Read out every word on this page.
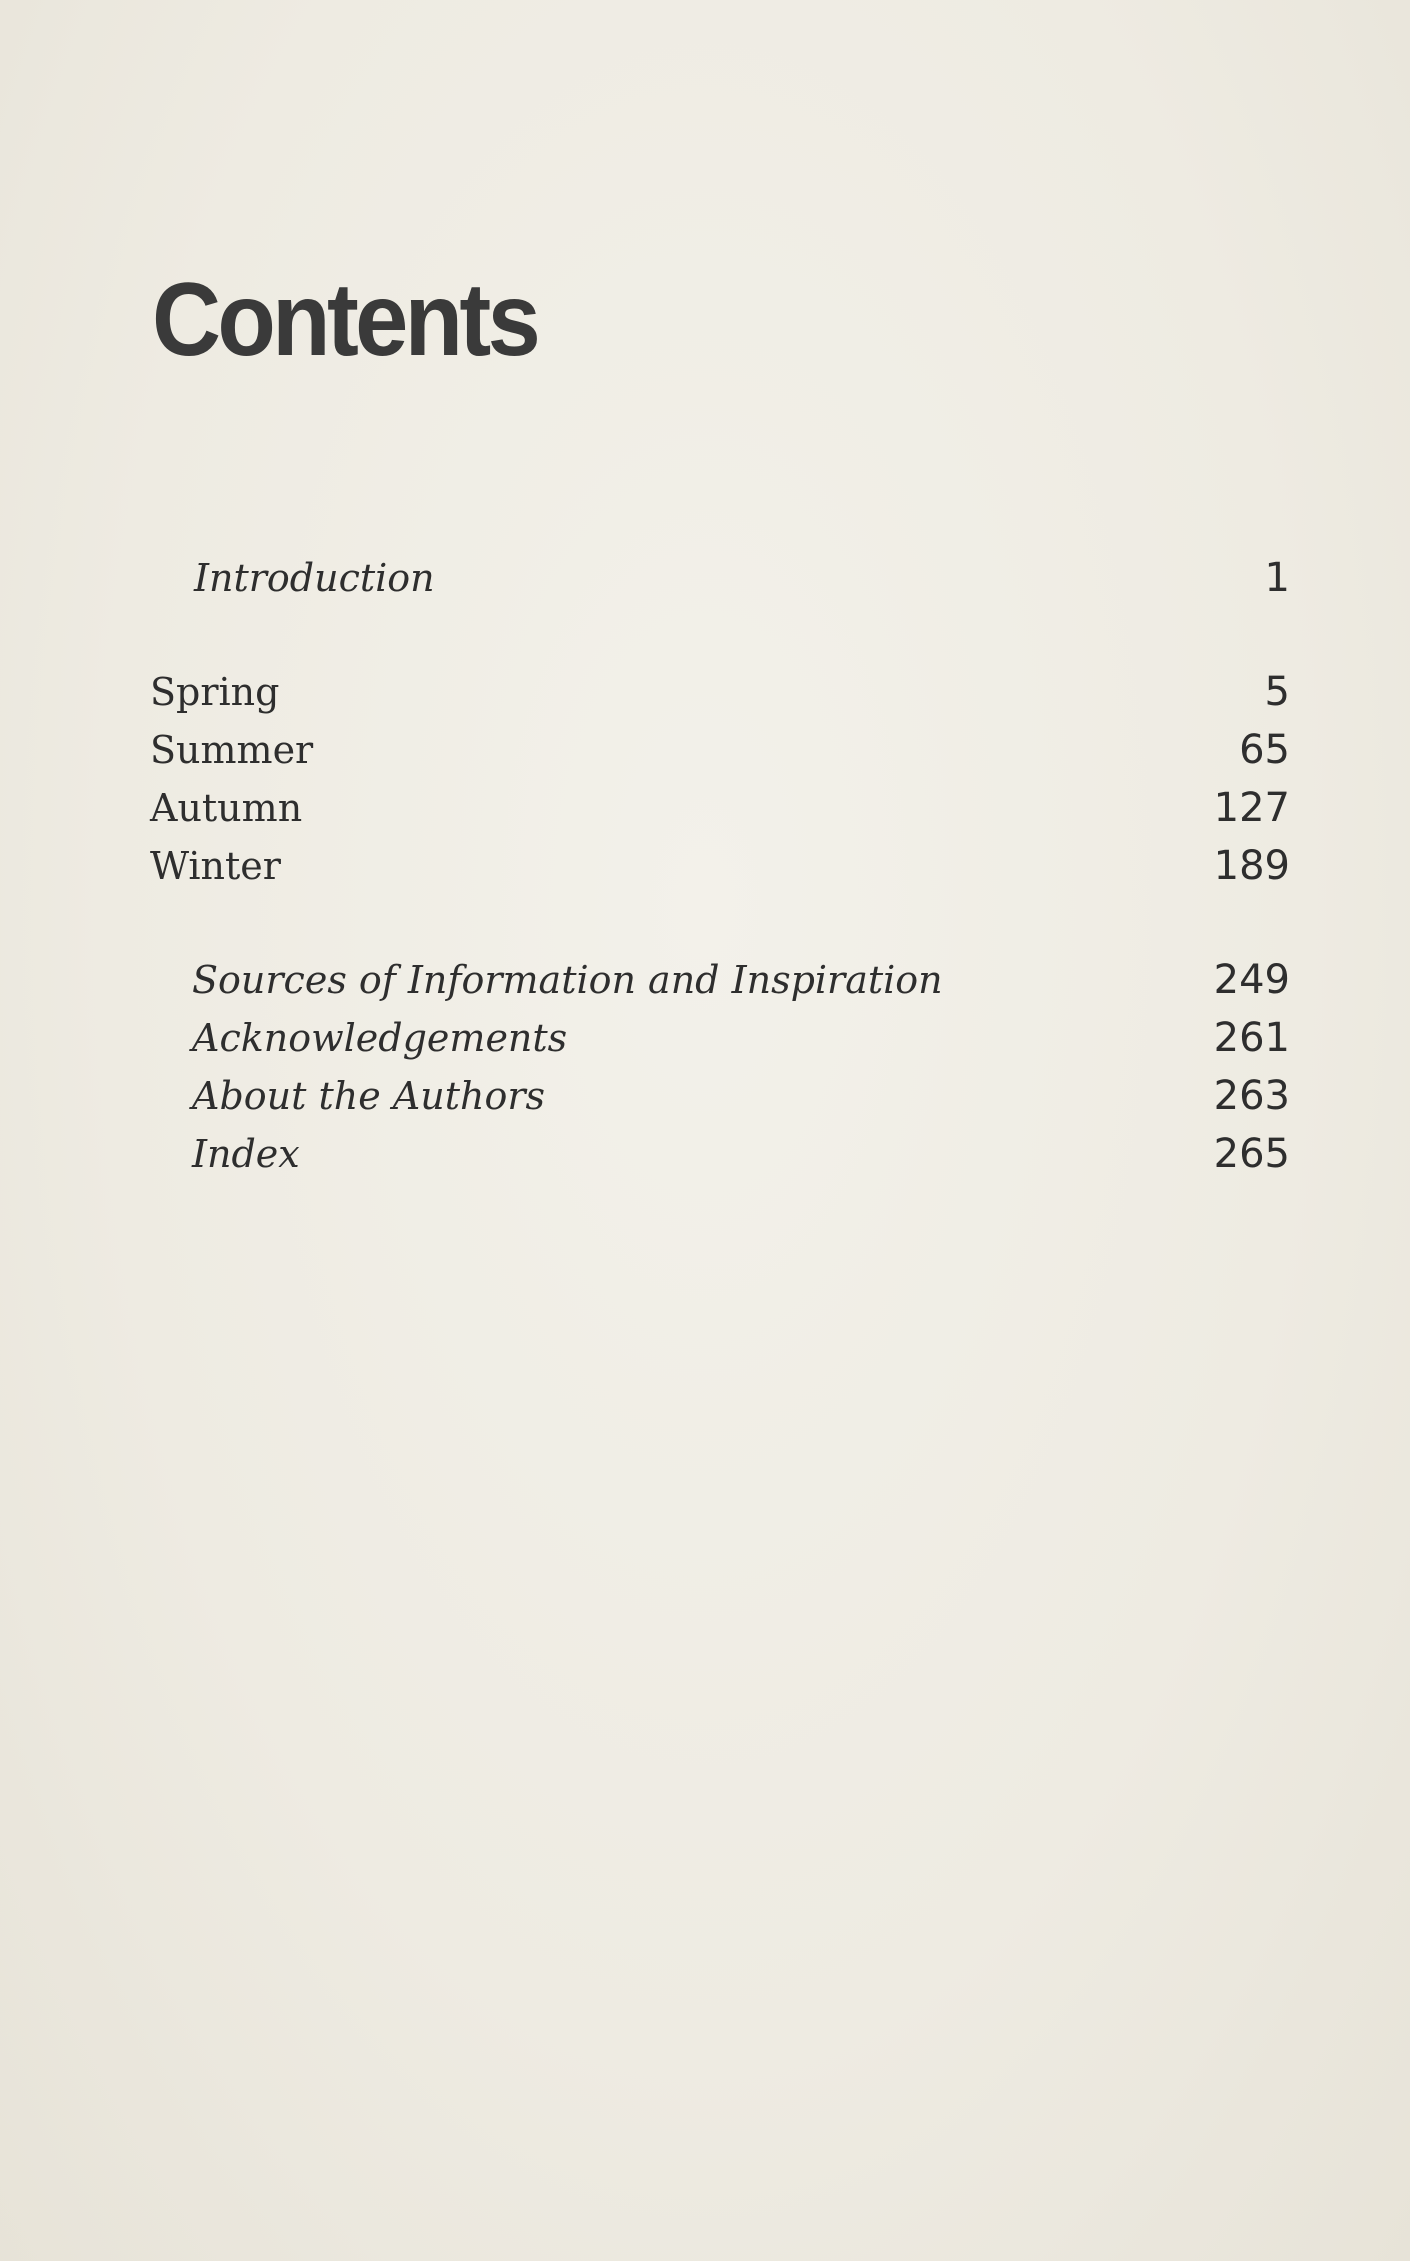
Contents
Introduction	1
Spring	5
Summer	65
Autumn	127
Winter	189
Sources of Information and Inspiration	249
Acknowledgements	261
About the Authors	263
Index	265
